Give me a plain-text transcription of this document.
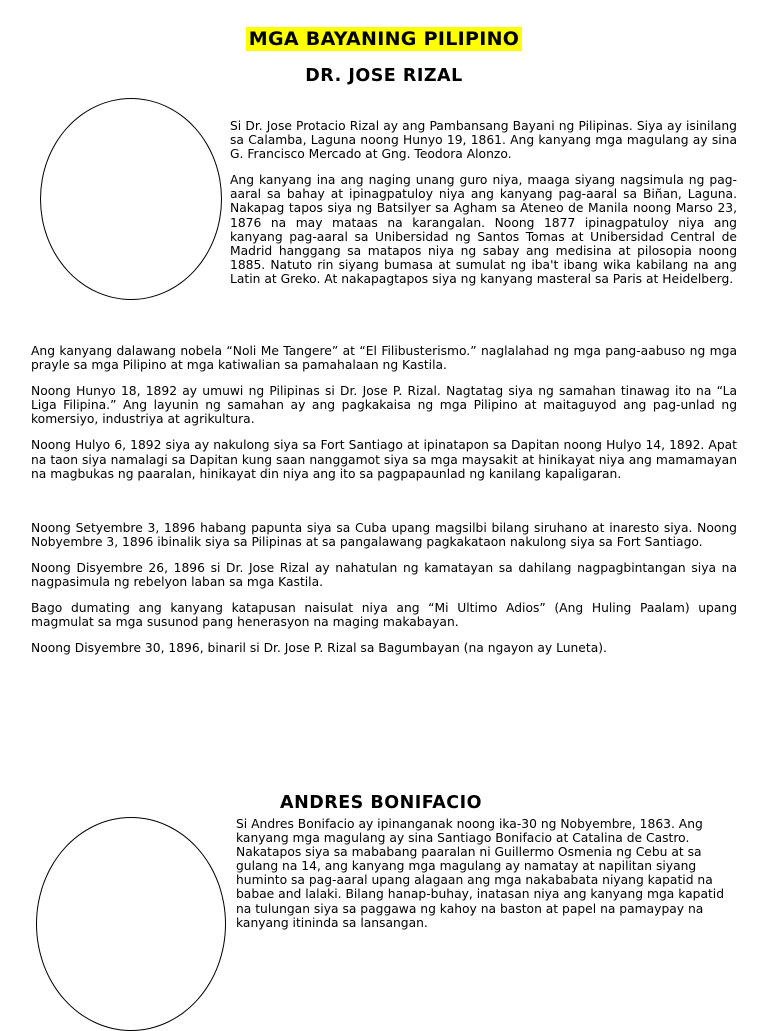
MGA BAYANING PILIPINO
DR. JOSE RIZAL

Si Dr. Jose Protacio Rizal ay ang Pambansang Bayani ng Pilipinas. Siya ay isinilang sa Calamba, Laguna noong Hunyo 19, 1861. Ang kanyang mga magulang ay sina G. Francisco Mercado at Gng. Teodora Alonzo.

Ang kanyang ina ang naging unang guro niya, maaga siyang nagsimula ng pag-aaral sa bahay at ipinagpatuloy niya ang kanyang pag-aaral sa Biñan, Laguna. Nakapag tapos siya ng Batsilyer sa Agham sa Ateneo de Manila noong Marso 23, 1876 na may mataas na karangalan. Noong 1877 ipinagpatuloy niya ang kanyang pag-aaral sa Unibersidad ng Santos Tomas at Unibersidad Central de Madrid hanggang sa matapos niya ng sabay ang medisina at pilosopia noong 1885. Natuto rin siyang bumasa at sumulat ng iba't ibang wika kabilang na ang Latin at Greko. At nakapagtapos siya ng kanyang masteral sa Paris at Heidelberg.

Ang kanyang dalawang nobela “Noli Me Tangere” at “El Filibusterismo.” naglalahad ng mga pang-aabuso ng mga prayle sa mga Pilipino at mga katiwalian sa pamahalaan ng Kastila.

Noong Hunyo 18, 1892 ay umuwi ng Pilipinas si Dr. Jose P. Rizal. Nagtatag siya ng samahan tinawag ito na “La Liga Filipina.” Ang layunin ng samahan ay ang pagkakaisa ng mga Pilipino at maitaguyod ang pag-unlad ng komersiyo, industriya at agrikultura.

Noong Hulyo 6, 1892 siya ay nakulong siya sa Fort Santiago at ipinatapon sa Dapitan noong Hulyo 14, 1892. Apat na taon siya namalagi sa Dapitan kung saan nanggamot siya sa mga maysakit at hinikayat niya ang mamamayan na magbukas ng paaralan, hinikayat din niya ang ito sa pagpapaunlad ng kanilang kapaligaran.

Noong Setyembre 3, 1896 habang papunta siya sa Cuba upang magsilbi bilang siruhano at inaresto siya. Noong Nobyembre 3, 1896 ibinalik siya sa Pilipinas at sa pangalawang pagkakataon nakulong siya sa Fort Santiago.

Noong Disyembre 26, 1896 si Dr. Jose Rizal ay nahatulan ng kamatayan sa dahilang nagpagbintangan siya na nagpasimula ng rebelyon laban sa mga Kastila.

Bago dumating ang kanyang katapusan naisulat niya ang “Mi Ultimo Adios” (Ang Huling Paalam) upang magmulat sa mga susunod pang henerasyon na maging makabayan.

Noong Disyembre 30, 1896, binaril si Dr. Jose P. Rizal sa Bagumbayan (na ngayon ay Luneta).

ANDRES BONIFACIO

Si Andres Bonifacio ay ipinanganak noong ika-30 ng Nobyembre, 1863. Ang kanyang mga magulang ay sina Santiago Bonifacio at Catalina de Castro. Nakatapos siya sa mababang paaralan ni Guillermo Osmenia ng Cebu at sa gulang na 14, ang kanyang mga magulang ay namatay at napilitan siyang huminto sa pag-aaral upang alagaan ang mga nakababata niyang kapatid na babae and lalaki. Bilang hanap-buhay, inatasan niya ang kanyang mga kapatid na tulungan siya sa paggawa ng kahoy na baston at papel na pamaypay na kanyang itininda sa lansangan.
